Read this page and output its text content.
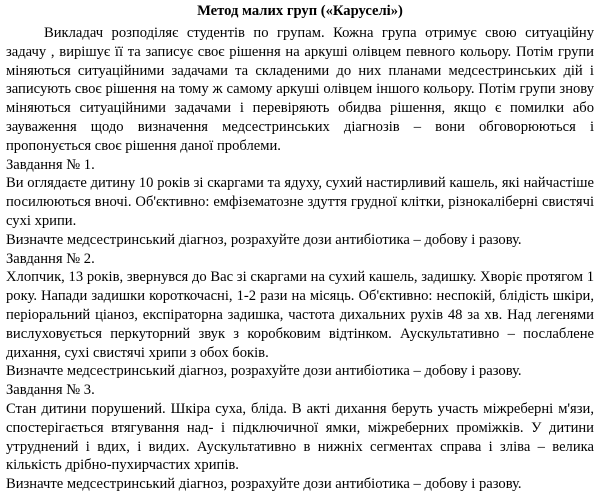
Метод малих груп («Каруселі»)

Викладач розподіляє студентів по групам. Кожна група отримує свою ситуаційну задачу , вирішує її та записує своє рішення на аркуші олівцем певного кольору. Потім групи міняються ситуаційними задачами та складеними до них планами медсестринських дій і записують своє рішення на тому ж самому аркуші олівцем іншого кольору. Потім групи знову міняються ситуаційними задачами і перевіряють обидва рішення, якщо є помилки або зауваження щодо визначення медсестринських діагнозів – вони обговорюються і пропонується своє рішення даної проблеми.

Завдання № 1.

Ви оглядаєте дитину 10 років зі скаргами та ядуху, сухий настирливий кашель, які найчастіше посилюються вночі. Об'єктивно: емфізематозне здуття грудної клітки, різнокаліберні свистячі сухі хрипи.

Визначте медсестринський діагноз, розрахуйте дози антибіотика – добову і разову.

Завдання № 2.

Хлопчик, 13 років, звернувся до Вас зі скаргами на сухий кашель, задишку. Хворіє протягом 1 року. Напади задишки короткочасні, 1-2 рази на місяць. Об'єктивно: неспокій, блідість шкіри, періоральний ціаноз, експіраторна задишка, частота дихальних рухів 48 за хв. Над легенями вислуховується перкуторний звук з коробковим відтінком. Аускультативно – послаблене дихання, сухі свистячі хрипи з обох боків.

Визначте медсестринський діагноз, розрахуйте дози антибіотика – добову і разову.

Завдання № 3.

Стан дитини порушений. Шкіра суха, бліда. В акті дихання беруть участь міжреберні м'язи, спостерігається втягування над- і підключичної ямки, міжреберних проміжків. У дитини утруднений і вдих, і видих. Аускультативно в нижніх сегментах справа і зліва – велика кількість дрібно-пухирчастих хрипів.

Визначте медсестринський діагноз, розрахуйте дози антибіотика – добову і разову.
